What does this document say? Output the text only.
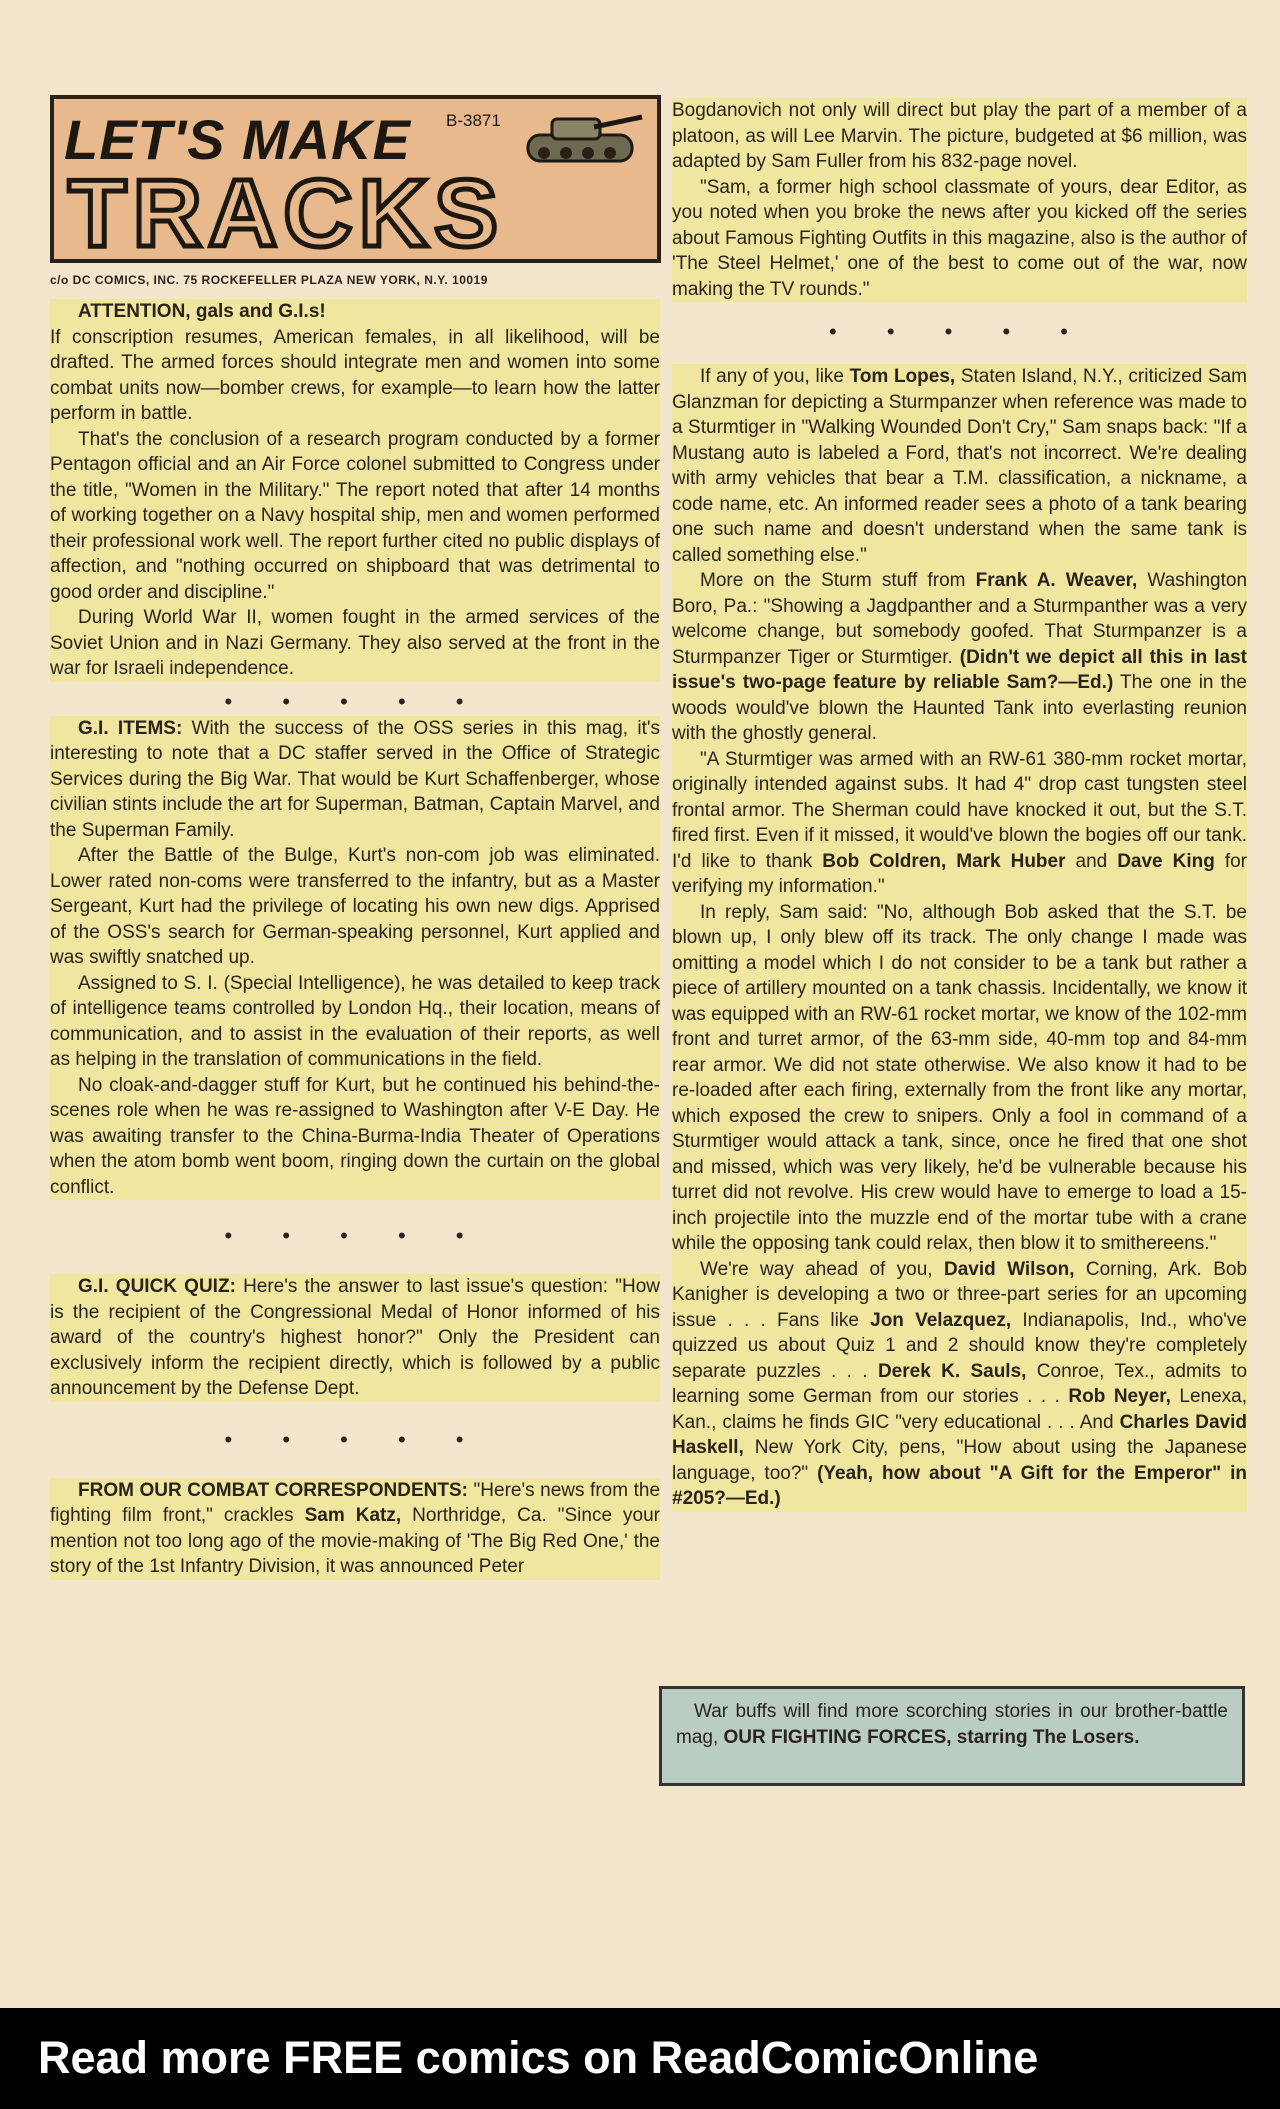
LET'S MAKE
TRACKS
B-3871
c/o DC COMICS, INC. 75 ROCKEFELLER PLAZA NEW YORK, N.Y. 10019

ATTENTION, gals and G.I.s!

If conscription resumes, American females, in all likelihood, will be drafted. The armed forces should integrate men and women into some combat units now—bomber crews, for example—to learn how the latter perform in battle.

That's the conclusion of a research program conducted by a former Pentagon official and an Air Force colonel submitted to Congress under the title, "Women in the Military." The report noted that after 14 months of working together on a Navy hospital ship, men and women performed their professional work well. The report further cited no public displays of affection, and "nothing occurred on shipboard that was detrimental to good order and discipline."

During World War II, women fought in the armed services of the Soviet Union and in Nazi Germany. They also served at the front in the war for Israeli independence.

• • • • •

G.I. ITEMS: With the success of the OSS series in this mag, it's interesting to note that a DC staffer served in the Office of Strategic Services during the Big War. That would be Kurt Schaffenberger, whose civilian stints include the art for Superman, Batman, Captain Marvel, and the Superman Family.

After the Battle of the Bulge, Kurt's non-com job was eliminated. Lower rated non-coms were transferred to the infantry, but as a Master Sergeant, Kurt had the privilege of locating his own new digs. Apprised of the OSS's search for German-speaking personnel, Kurt applied and was swiftly snatched up.

Assigned to S. I. (Special Intelligence), he was detailed to keep track of intelligence teams controlled by London Hq., their location, means of communication, and to assist in the evaluation of their reports, as well as helping in the translation of communications in the field.

No cloak-and-dagger stuff for Kurt, but he continued his behind-the-scenes role when he was re-assigned to Washington after V-E Day. He was awaiting transfer to the China-Burma-India Theater of Operations when the atom bomb went boom, ringing down the curtain on the global conflict.

• • • • •

G.I. QUICK QUIZ: Here's the answer to last issue's question: "How is the recipient of the Congressional Medal of Honor informed of his award of the country's highest honor?" Only the President can exclusively inform the recipient directly, which is followed by a public announcement by the Defense Dept.

• • • • •

FROM OUR COMBAT CORRESPONDENTS: "Here's news from the fighting film front," crackles Sam Katz, Northridge, Ca. "Since your mention not too long ago of the movie-making of 'The Big Red One,' the story of the 1st Infantry Division, it was announced Peter

Bogdanovich not only will direct but play the part of a member of a platoon, as will Lee Marvin. The picture, budgeted at $6 million, was adapted by Sam Fuller from his 832-page novel.

"Sam, a former high school classmate of yours, dear Editor, as you noted when you broke the news after you kicked off the series about Famous Fighting Outfits in this magazine, also is the author of 'The Steel Helmet,' one of the best to come out of the war, now making the TV rounds."

• • • • •

If any of you, like Tom Lopes, Staten Island, N.Y., criticized Sam Glanzman for depicting a Sturmpanzer when reference was made to a Sturmtiger in "Walking Wounded Don't Cry," Sam snaps back: "If a Mustang auto is labeled a Ford, that's not incorrect. We're dealing with army vehicles that bear a T.M. classification, a nickname, a code name, etc. An informed reader sees a photo of a tank bearing one such name and doesn't understand when the same tank is called something else."

More on the Sturm stuff from Frank A. Weaver, Washington Boro, Pa.: "Showing a Jagdpanther and a Sturmpanther was a very welcome change, but somebody goofed. That Sturmpanzer is a Sturmpanzer Tiger or Sturmtiger. (Didn't we depict all this in last issue's two-page feature by reliable Sam?—Ed.) The one in the woods would've blown the Haunted Tank into everlasting reunion with the ghostly general.

"A Sturmtiger was armed with an RW-61 380-mm rocket mortar, originally intended against subs. It had 4" drop cast tungsten steel frontal armor. The Sherman could have knocked it out, but the S.T. fired first. Even if it missed, it would've blown the bogies off our tank. I'd like to thank Bob Coldren, Mark Huber and Dave King for verifying my information."

In reply, Sam said: "No, although Bob asked that the S.T. be blown up, I only blew off its track. The only change I made was omitting a model which I do not consider to be a tank but rather a piece of artillery mounted on a tank chassis. Incidentally, we know it was equipped with an RW-61 rocket mortar, we know of the 102-mm front and turret armor, of the 63-mm side, 40-mm top and 84-mm rear armor. We did not state otherwise. We also know it had to be re-loaded after each firing, externally from the front like any mortar, which exposed the crew to snipers. Only a fool in command of a Sturmtiger would attack a tank, since, once he fired that one shot and missed, which was very likely, he'd be vulnerable because his turret did not revolve. His crew would have to emerge to load a 15-inch projectile into the muzzle end of the mortar tube with a crane while the opposing tank could relax, then blow it to smithereens."

We're way ahead of you, David Wilson, Corning, Ark. Bob Kanigher is developing a two or three-part series for an upcoming issue . . . Fans like Jon Velazquez, Indianapolis, Ind., who've quizzed us about Quiz 1 and 2 should know they're completely separate puzzles . . . Derek K. Sauls, Conroe, Tex., admits to learning some German from our stories . . . Rob Neyer, Lenexa, Kan., claims he finds GIC "very educational . . . And Charles David Haskell, New York City, pens, "How about using the Japanese language, too?" (Yeah, how about "A Gift for the Emperor" in #205?—Ed.)

War buffs will find more scorching stories in our brother-battle mag, OUR FIGHTING FORCES, starring The Losers.
Read more FREE comics on ReadComicOnline
